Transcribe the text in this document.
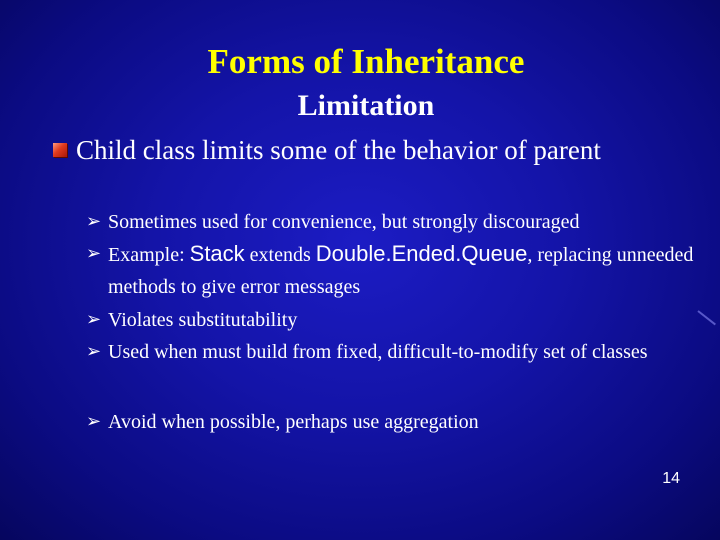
Forms of Inheritance
Limitation
Child class limits some of the behavior of parent
➢ Sometimes used for convenience, but strongly discouraged
➢ Example: Stack extends Double.Ended.Queue, replacing unneeded methods to give error messages
➢ Violates substitutability
➢ Used when must build from fixed, difficult-to-modify set of classes
➢ Avoid when possible, perhaps use aggregation
14
